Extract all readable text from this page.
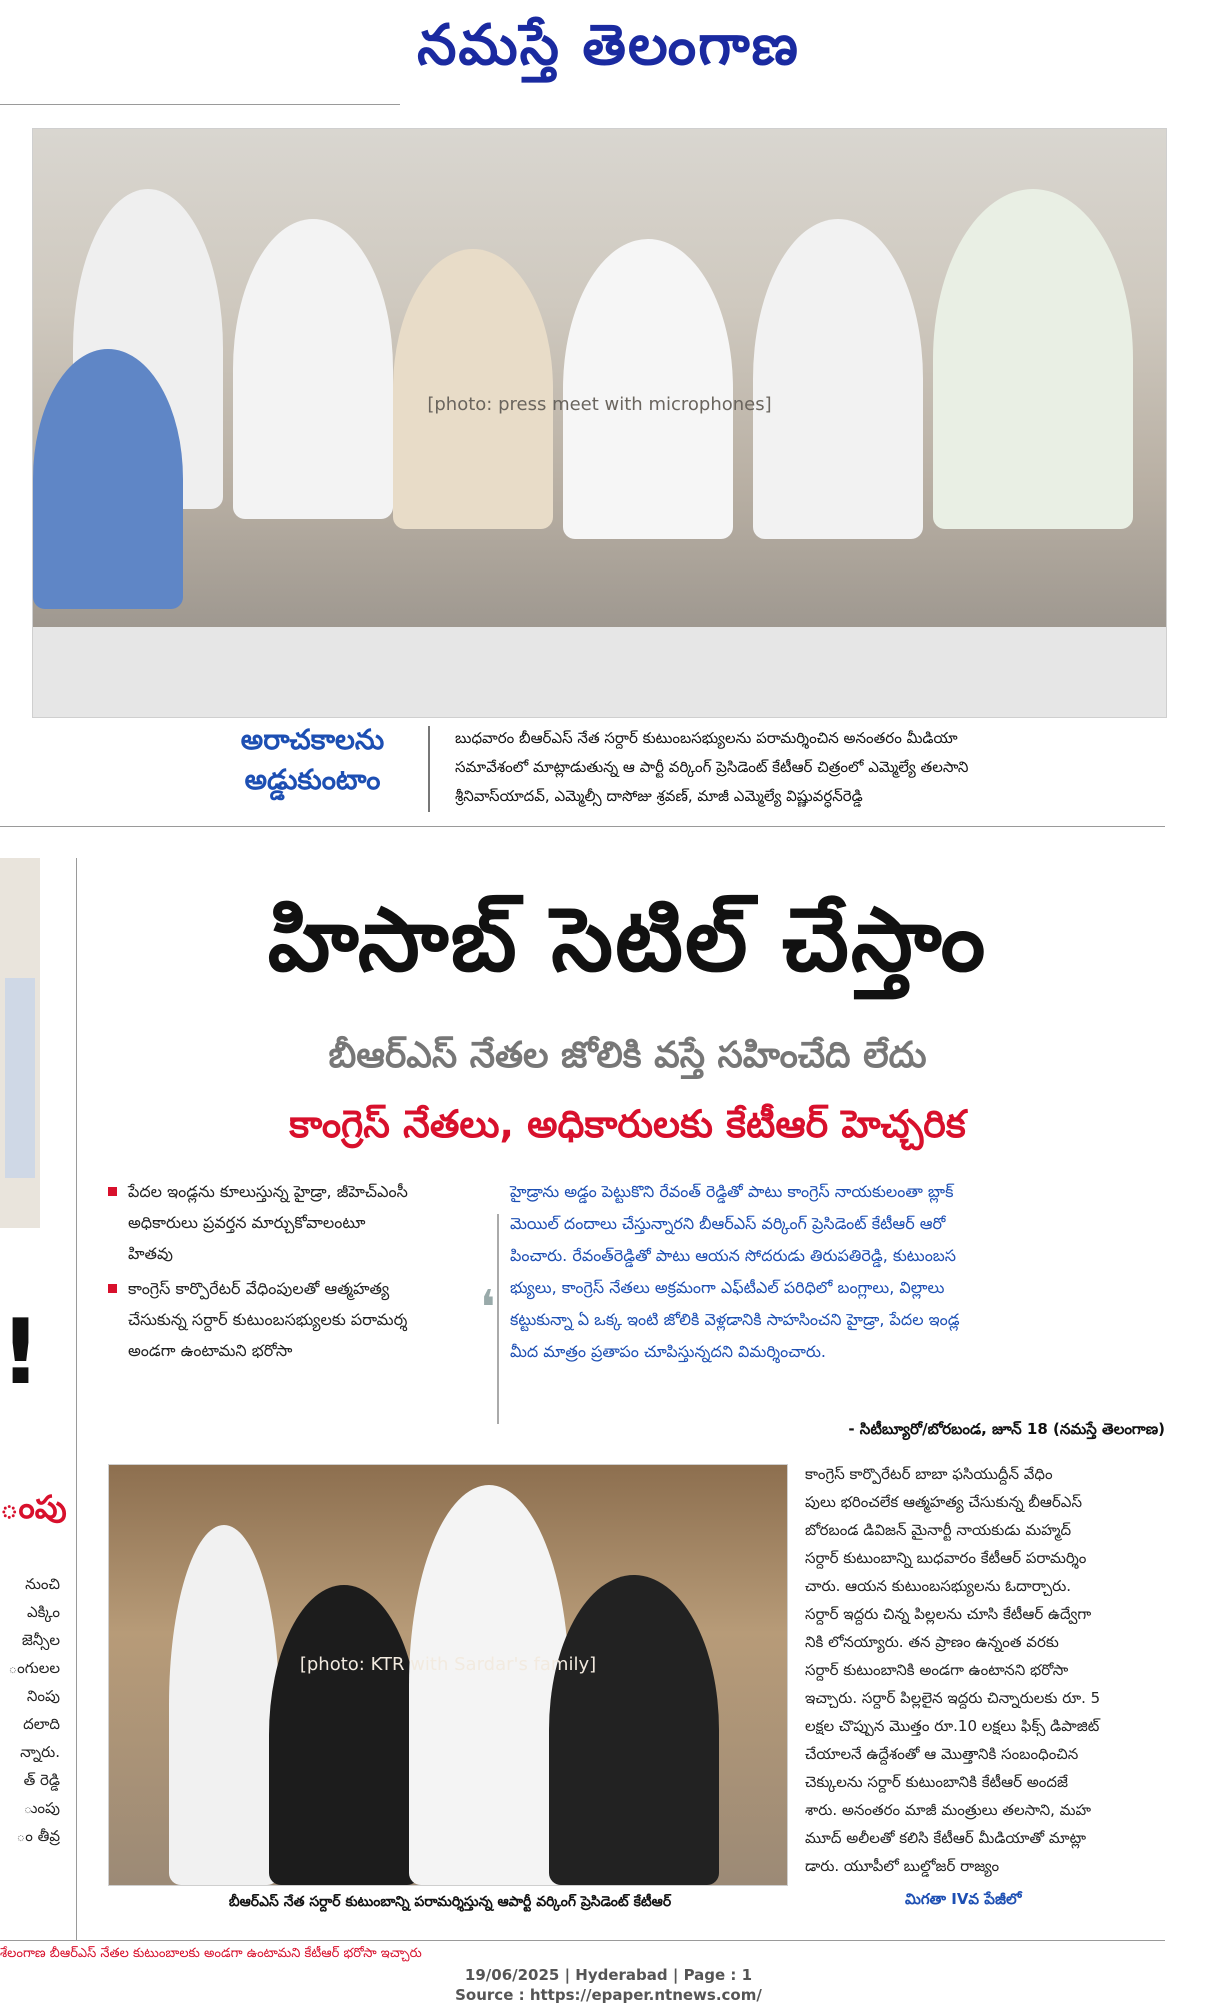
నమస్తే తెలంగాణ
[photo: press meet with microphones]
అరాచకాలను
అడ్డుకుంటాం
బుధవారం బీఆర్ఎస్ నేత సర్దార్ కుటుంబసభ్యులను పరామర్శించిన అనంతరం మీడియా
సమావేశంలో మాట్లాడుతున్న ఆ పార్టీ వర్కింగ్ ప్రెసిడెంట్ కేటీఆర్ చిత్రంలో ఎమ్మెల్యే తలసాని
శ్రీనివాస్‌యాదవ్, ఎమ్మెల్సీ దాసోజు శ్రవణ్, మాజీ ఎమ్మెల్యే విష్ణువర్ధన్‌రెడ్డి
!
ంపు
నుంచి
ఎక్కిం
జెన్సీల
ంగులల
నింపు
దలాది
న్నారు.
త్ రెడ్డి
ుంపు
ం తీవ్ర
హిసాబ్ సెటిల్ చేస్తాం
బీఆర్ఎస్ నేతల జోలికి వస్తే సహించేది లేదు
కాంగ్రెస్ నేతలు, అధికారులకు కేటీఆర్ హెచ్చరిక
పేదల ఇండ్లను కూలుస్తున్న హైడ్రా, జీహెచ్ఎంసీ అధికారులు ప్రవర్తన మార్చుకోవాలంటూ హితవు
కాంగ్రెస్ కార్పొరేటర్ వేధింపులతో ఆత్మహత్య చేసుకున్న సర్దార్ కుటుంబసభ్యులకు పరామర్శ అండగా ఉంటామని భరోసా
❛
హైడ్రాను అడ్డం పెట్టుకొని రేవంత్ రెడ్డితో పాటు కాంగ్రెస్ నాయకులంతా బ్లాక్
మెయిల్ దందాలు చేస్తున్నారని బీఆర్ఎస్ వర్కింగ్ ప్రెసిడెంట్ కేటీఆర్ ఆరో
పించారు. రేవంత్‌రెడ్డితో పాటు ఆయన సోదరుడు తిరుపతిరెడ్డి, కుటుంబస
భ్యులు, కాంగ్రెస్ నేతలు అక్రమంగా ఎఫ్‌టీఎల్ పరిధిలో బంగ్లాలు, విల్లాలు
కట్టుకున్నా ఏ ఒక్క ఇంటి జోలికి వెళ్లడానికి సాహసించని హైడ్రా, పేదల ఇండ్ల
మీద మాత్రం ప్రతాపం చూపిస్తున్నదని విమర్శించారు.
- సిటీబ్యూరో/బోరబండ, జూన్ 18 (నమస్తే తెలంగాణ)
[photo: KTR with Sardar's family]
బీఆర్ఎస్ నేత సర్దార్ కుటుంబాన్ని పరామర్శిస్తున్న ఆపార్టీ వర్కింగ్ ప్రెసిడెంట్ కేటీఆర్
కాంగ్రెస్ కార్పొరేటర్ బాబా ఫసియుద్దీన్ వేధిం
పులు భరించలేక ఆత్మహత్య చేసుకున్న బీఆర్ఎస్
బోరబండ డివిజన్ మైనార్టీ నాయకుడు మహ్మద్
సర్దార్ కుటుంబాన్ని బుధవారం కేటీఆర్ పరామర్శిం
చారు. ఆయన కుటుంబసభ్యులను ఓదార్చారు.
సర్దార్ ఇద్దరు చిన్న పిల్లలను చూసి కేటీఆర్ ఉద్వేగా
నికి లోనయ్యారు. తన ప్రాణం ఉన్నంత వరకు
సర్దార్ కుటుంబానికి అండగా ఉంటానని భరోసా
ఇచ్చారు. సర్దార్ పిల్లలైన ఇద్దరు చిన్నారులకు రూ. 5
లక్షల చొప్పున మొత్తం రూ.10 లక్షలు ఫిక్స్ డిపాజిట్
చేయాలనే ఉద్దేశంతో ఆ మొత్తానికి సంబంధించిన
చెక్కులను సర్దార్ కుటుంబానికి కేటీఆర్ అందజే
శారు. అనంతరం మాజీ మంత్రులు తలసాని, మహ
మూద్ అలీలతో కలిసి కేటీఆర్ మీడియాతో మాట్లా
డారు. యూపీలో బుల్డోజర్ రాజ్యం
మిగతా IVవ పేజీలో
శేలంగాణ బీఆర్ఎస్ నేతల కుటుంబాలకు అండగా ఉంటామని కేటీఆర్ భరోసా ఇచ్చారు
19/06/2025 | Hyderabad | Page : 1
Source : https://epaper.ntnews.com/
